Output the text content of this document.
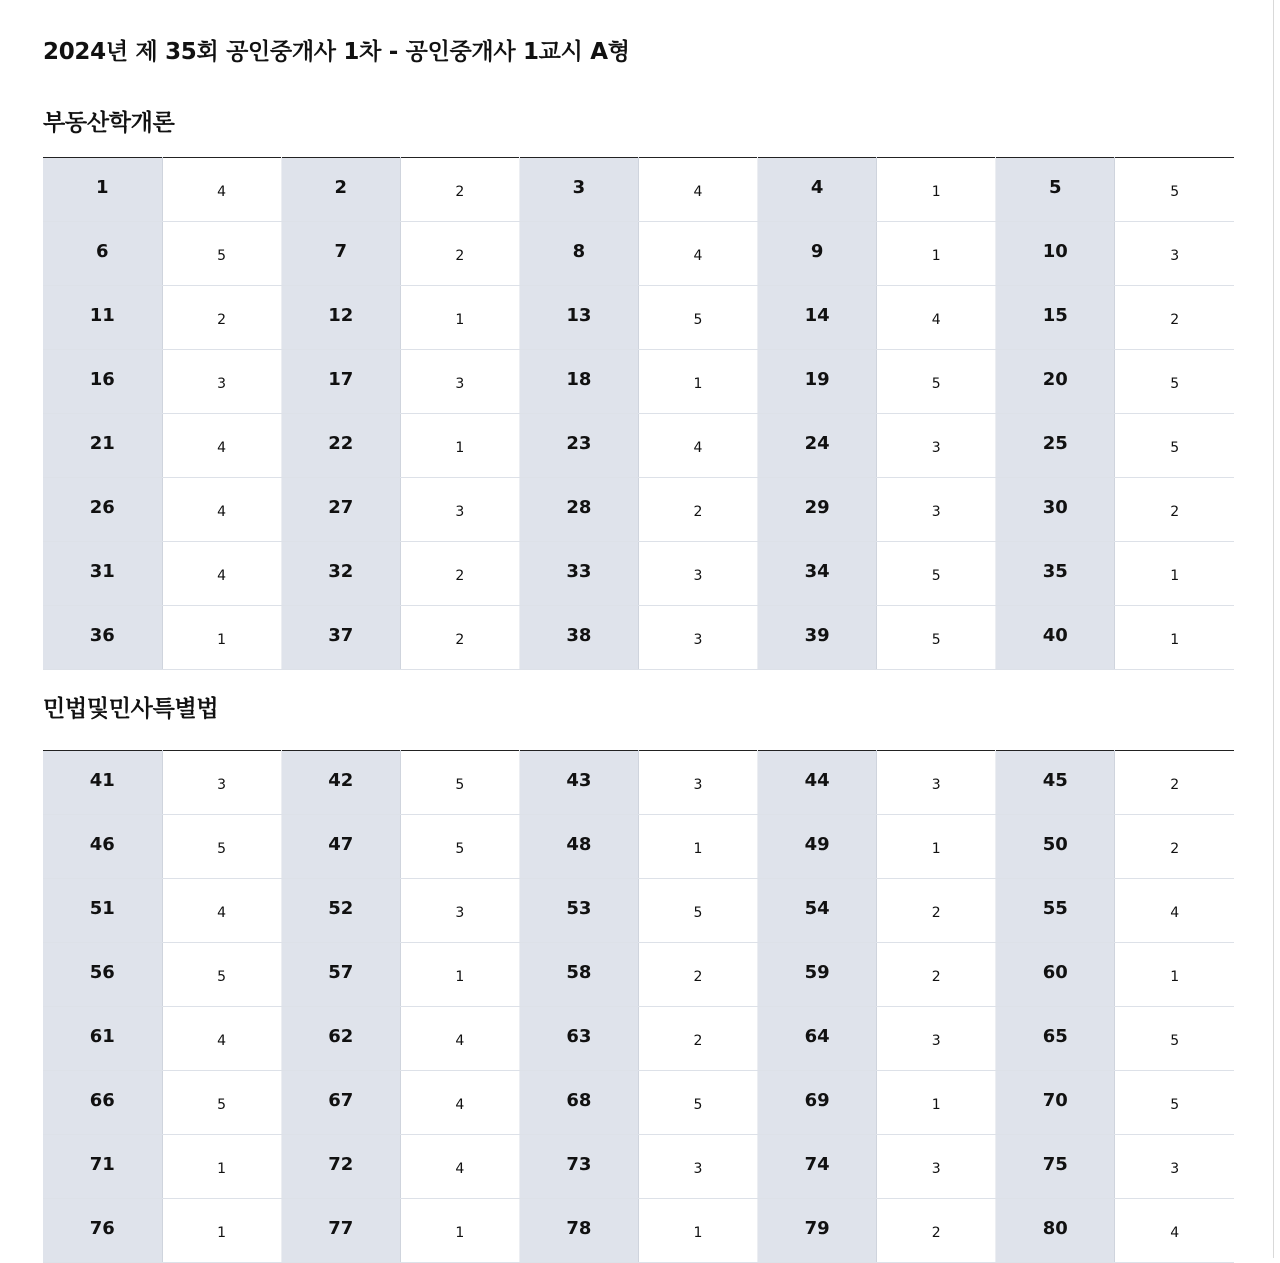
2024년 제 35회 공인중개사 1차 - 공인중개사 1교시 A형
부동산학개론
1	4	2	2	3	4	4	1	5	5
6	5	7	2	8	4	9	1	10	3
11	2	12	1	13	5	14	4	15	2
16	3	17	3	18	1	19	5	20	5
21	4	22	1	23	4	24	3	25	5
26	4	27	3	28	2	29	3	30	2
31	4	32	2	33	3	34	5	35	1
36	1	37	2	38	3	39	5	40	1
민법및민사특별법
41	3	42	5	43	3	44	3	45	2
46	5	47	5	48	1	49	1	50	2
51	4	52	3	53	5	54	2	55	4
56	5	57	1	58	2	59	2	60	1
61	4	62	4	63	2	64	3	65	5
66	5	67	4	68	5	69	1	70	5
71	1	72	4	73	3	74	3	75	3
76	1	77	1	78	1	79	2	80	4
